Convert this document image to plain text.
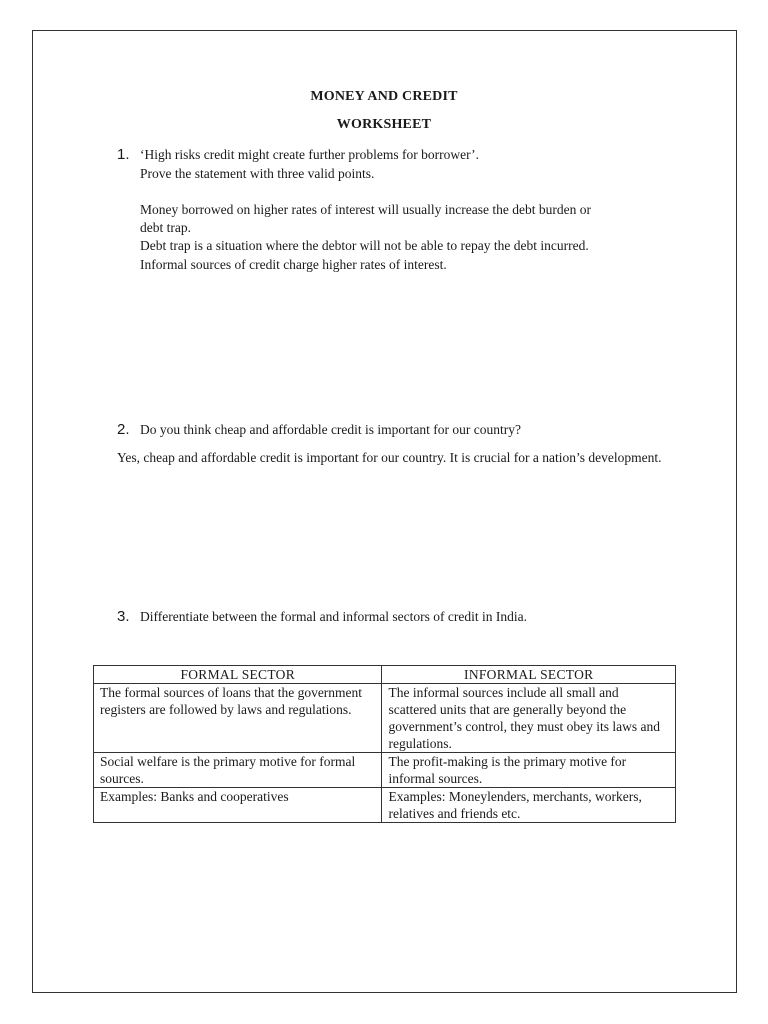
MONEY AND CREDIT
WORKSHEET
1. ‘High risks credit might create further problems for borrower’.
Prove the statement with three valid points.
Money borrowed on higher rates of interest will usually increase the debt burden or
debt trap.
Debt trap is a situation where the debtor will not be able to repay the debt incurred.
Informal sources of credit charge higher rates of interest.
2. Do you think cheap and affordable credit is important for our country?
Yes, cheap and affordable credit is important for our country. It is crucial for a nation’s development.
3. Differentiate between the formal and informal sectors of credit in India.
FORMAL SECTOR	INFORMAL SECTOR
The formal sources of loans that the government registers are followed by laws and regulations.	The informal sources include all small and scattered units that are generally beyond the government’s control, they must obey its laws and regulations.
Social welfare is the primary motive for formal sources.	The profit-making is the primary motive for informal sources.
Examples: Banks and cooperatives	Examples: Moneylenders, merchants, workers, relatives and friends etc.
